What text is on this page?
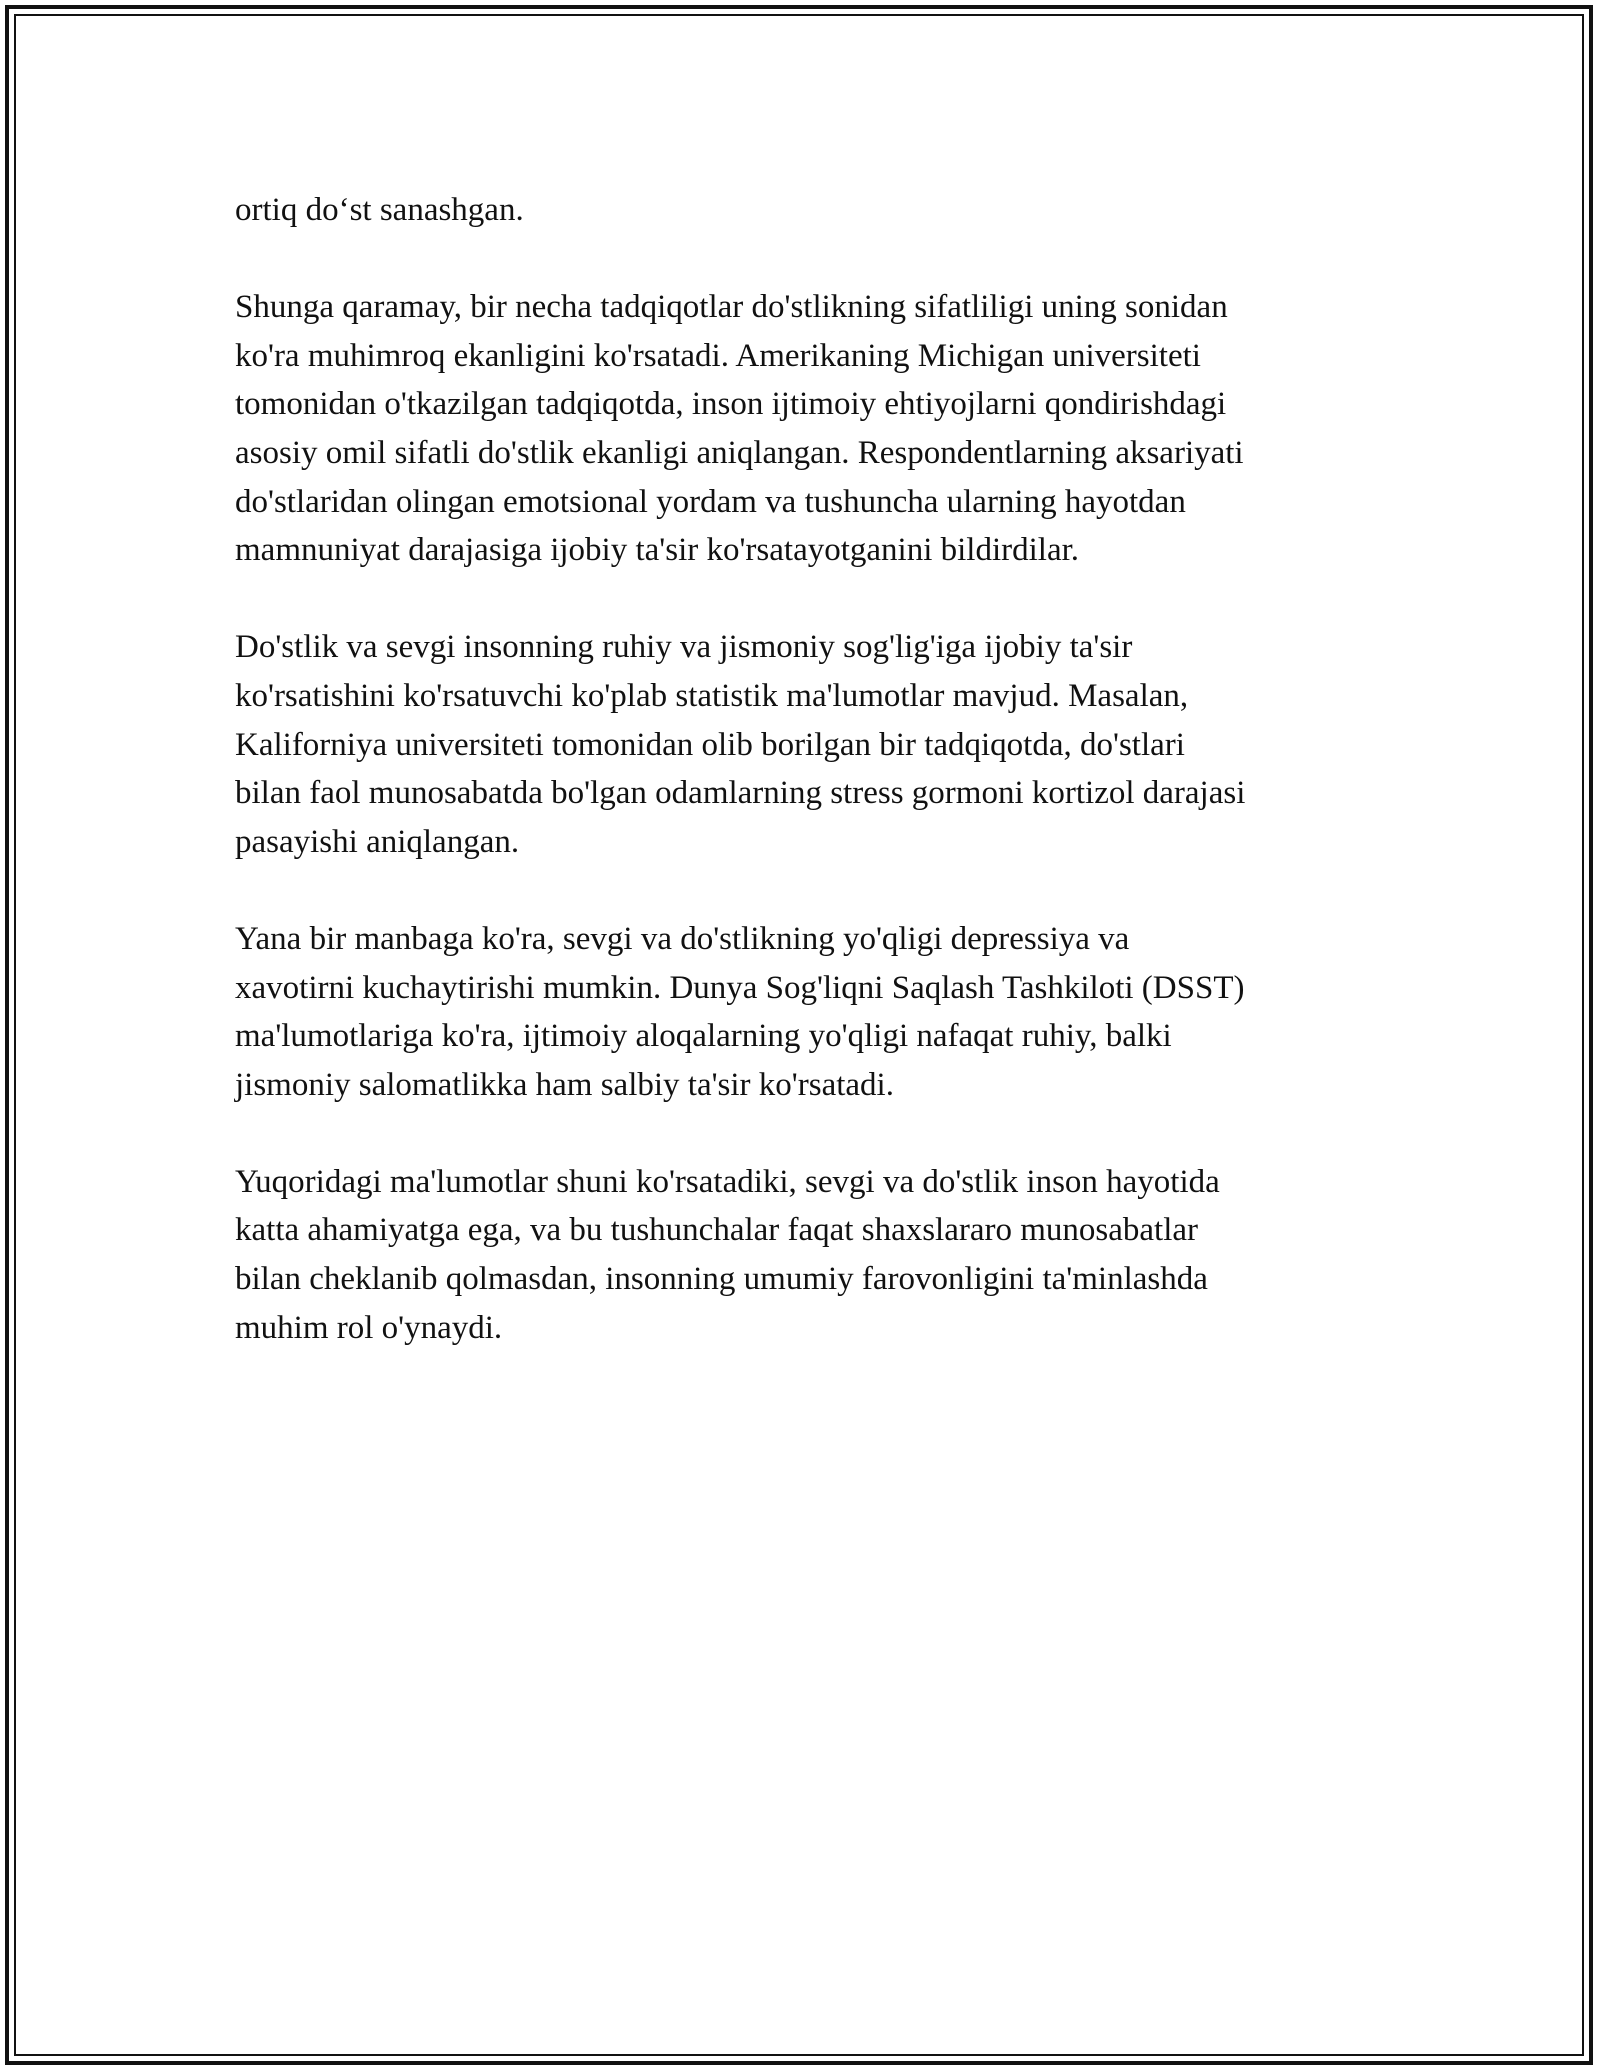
ortiq do‘st sanashgan.

Shunga qaramay, bir necha tadqiqotlar do'stlikning sifatliligi uning sonidan
ko'ra muhimroq ekanligini ko'rsatadi. Amerikaning Michigan universiteti
tomonidan o'tkazilgan tadqiqotda, inson ijtimoiy ehtiyojlarni qondirishdagi
asosiy omil sifatli do'stlik ekanligi aniqlangan. Respondentlarning aksariyati
do'stlaridan olingan emotsional yordam va tushuncha ularning hayotdan
mamnuniyat darajasiga ijobiy ta'sir ko'rsatayotganini bildirdilar.

Do'stlik va sevgi insonning ruhiy va jismoniy sog'lig'iga ijobiy ta'sir
ko'rsatishini ko'rsatuvchi ko'plab statistik ma'lumotlar mavjud. Masalan,
Kaliforniya universiteti tomonidan olib borilgan bir tadqiqotda, do'stlari
bilan faol munosabatda bo'lgan odamlarning stress gormoni kortizol darajasi
pasayishi aniqlangan.

Yana bir manbaga ko'ra, sevgi va do'stlikning yo'qligi depressiya va
xavotirni kuchaytirishi mumkin. Dunya Sog'liqni Saqlash Tashkiloti (DSST)
ma'lumotlariga ko'ra, ijtimoiy aloqalarning yo'qligi nafaqat ruhiy, balki
jismoniy salomatlikka ham salbiy ta'sir ko'rsatadi.

Yuqoridagi ma'lumotlar shuni ko'rsatadiki, sevgi va do'stlik inson hayotida
katta ahamiyatga ega, va bu tushunchalar faqat shaxslararo munosabatlar
bilan cheklanib qolmasdan, insonning umumiy farovonligini ta'minlashda
muhim rol o'ynaydi.
